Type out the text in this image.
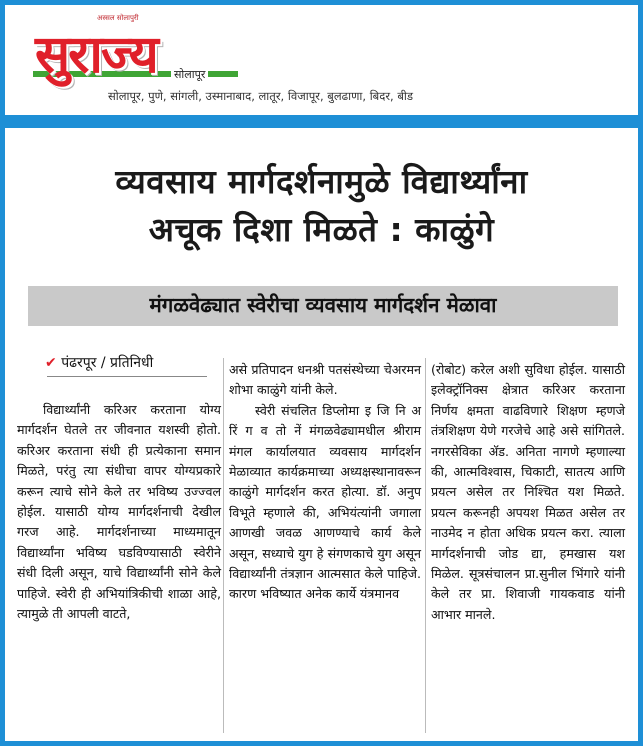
अस्सल सोलापुरी
सुराज्य सोलापूर
सोलापूर, पुणे, सांगली, उस्मानाबाद, लातूर, विजापूर, बुलढाणा, बिदर, बीड
व्यवसाय मार्गदर्शनामुळे विद्यार्थ्यांना
अचूक दिशा मिळते : काळुंगे
मंगळवेढ्यात स्वेरीचा व्यवसाय मार्गदर्शन मेळावा
✔ पंढरपूर / प्रतिनिधी

विद्यार्थ्यांनी करिअर करताना योग्य मार्गदर्शन घेतले तर जीवनात यशस्वी होतो. करिअर करताना संधी ही प्रत्येकाना समान मिळते, परंतु त्या संधीचा वापर योग्यप्रकारे करून त्याचे सोने केले तर भविष्य उज्ज्वल होईल. यासाठी योग्य मार्गदर्शनाची देखील गरज आहे. मार्गदर्शनाच्या माध्यमातून विद्यार्थ्यांना भविष्य घडविण्यासाठी स्वेरीने संधी दिली असून, याचे विद्यार्थ्यांनी सोने केले पाहिजे. स्वेरी ही अभियांत्रिकीची शाळा आहे, त्यामुळे ती आपली वाटते,

असे प्रतिपादन धनश्री पतसंस्थेच्या चेअरमन शोभा काळुंगे यांनी केले.

स्वेरी संचलित डिप्लोमा इ जि नि अ रिं ग व तो नें मंगळवेढ्यामधील श्रीराम मंगल कार्यालयात व्यवसाय मार्गदर्शन मेळाव्यात कार्यक्रमाच्या अध्यक्षस्थानावरून काळुंगे मार्गदर्शन करत होत्या. डॉ. अनुप विभूते म्हणाले की, अभियंत्यांनी जगाला आणखी जवळ आणण्याचे कार्य केले असून, सध्याचे युग हे संगणकाचे युग असून विद्यार्थ्यांनी तंत्रज्ञान आत्मसात केले पाहिजे. कारण भविष्यात अनेक कार्ये यंत्रमानव

(रोबोट) करेल अशी सुविधा होईल. यासाठी इलेक्ट्रॉनिक्स क्षेत्रात करिअर करताना निर्णय क्षमता वाढविणारे शिक्षण म्हणजे तंत्रशिक्षण येणे गरजेचे आहे असे सांगितले. नगरसेविका ॲड. अनिता नागणे म्हणाल्या की, आत्मविश्वास, चिकाटी, सातत्य आणि प्रयत्न असेल तर निश्चित यश मिळते. प्रयत्न करूनही अपयश मिळत असेल तर नाउमेद न होता अधिक प्रयत्न करा. त्याला मार्गदर्शनाची जोड द्या, हमखास यश मिळेल. सूत्रसंचालन प्रा.सुनील भिंगारे यांनी केले तर प्रा. शिवाजी गायकवाड यांनी आभार मानले.
